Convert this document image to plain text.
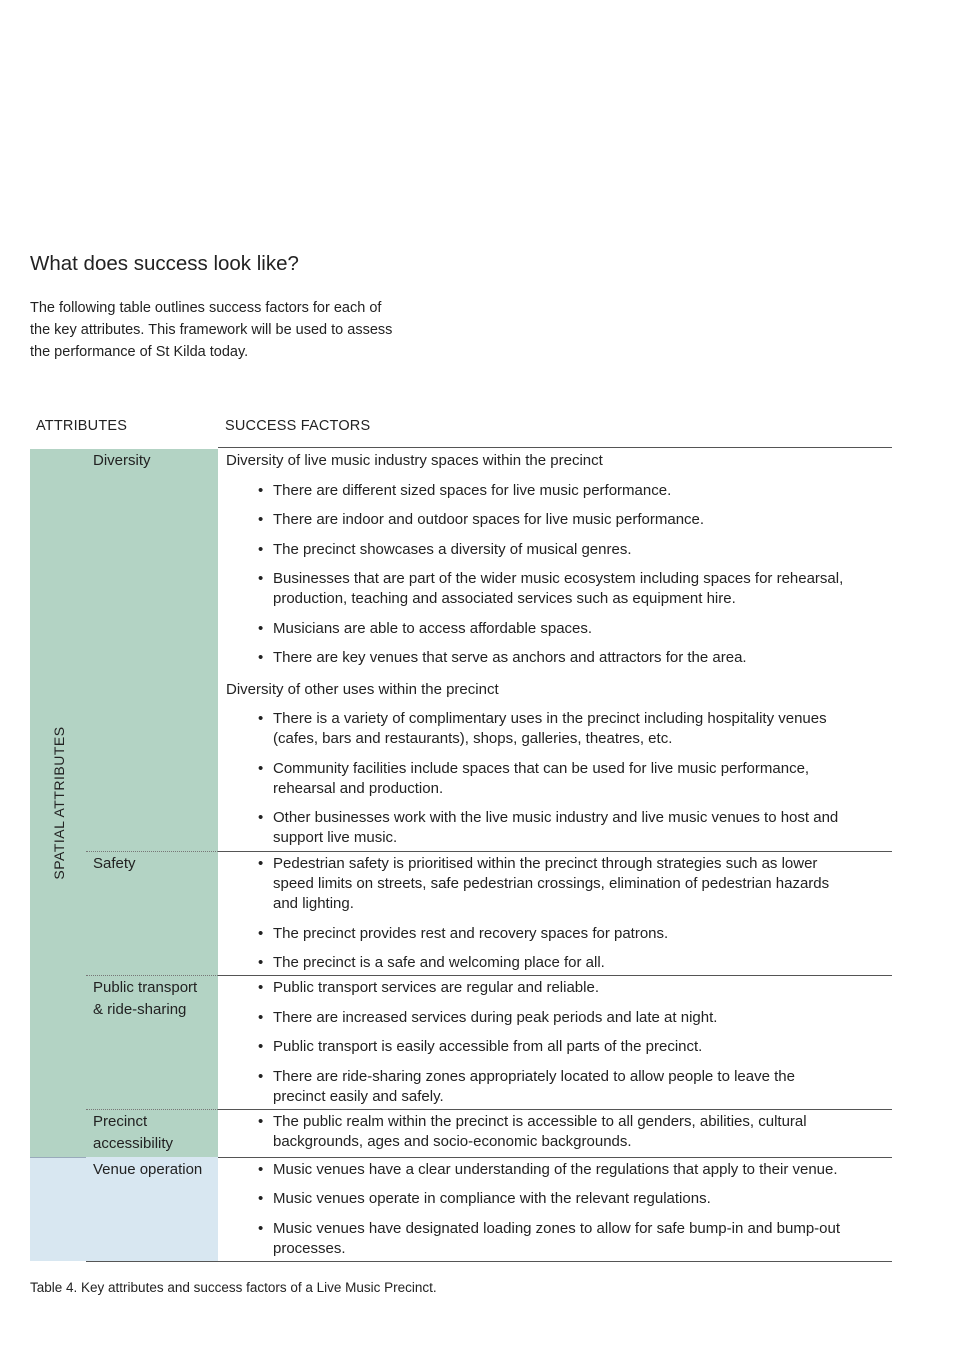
What does success look like?

The following table outlines success factors for each of
the key attributes. This framework will be used to assess
the performance of St Kilda today.

ATTRIBUTES	SUCCESS FACTORS
SPATIAL ATTRIBUTES
Diversity
Safety
Public transport
& ride-sharing
Precinct
accessibility
Venue operation
Diversity of live music industry spaces within the precinct
Diversity of other uses within the precinct
• There are different sized spaces for live music performance.
• There are indoor and outdoor spaces for live music performance.
• The precinct showcases a diversity of musical genres.
• Businesses that are part of the wider music ecosystem including spaces for rehearsal,
production, teaching and associated services such as equipment hire.
• Musicians are able to access affordable spaces.
• There are key venues that serve as anchors and attractors for the area.
• There is a variety of complimentary uses in the precinct including hospitality venues
(cafes, bars and restaurants), shops, galleries, theatres, etc.
• Community facilities include spaces that can be used for live music performance,
rehearsal and production.
• Other businesses work with the live music industry and live music venues to host and
support live music.
• Pedestrian safety is prioritised within the precinct through strategies such as lower
speed limits on streets, safe pedestrian crossings, elimination of pedestrian hazards
and lighting.
• The precinct provides rest and recovery spaces for patrons.
• The precinct is a safe and welcoming place for all.
• Public transport services are regular and reliable.
• There are increased services during peak periods and late at night.
• Public transport is easily accessible from all parts of the precinct.
• There are ride-sharing zones appropriately located to allow people to leave the
precinct easily and safely.
• The public realm within the precinct is accessible to all genders, abilities, cultural
backgrounds, ages and socio-economic backgrounds.
• Music venues have a clear understanding of the regulations that apply to their venue.
• Music venues operate in compliance with the relevant regulations.
• Music venues have designated loading zones to allow for safe bump-in and bump-out
processes.
Table 4. Key attributes and success factors of a Live Music Precinct.
